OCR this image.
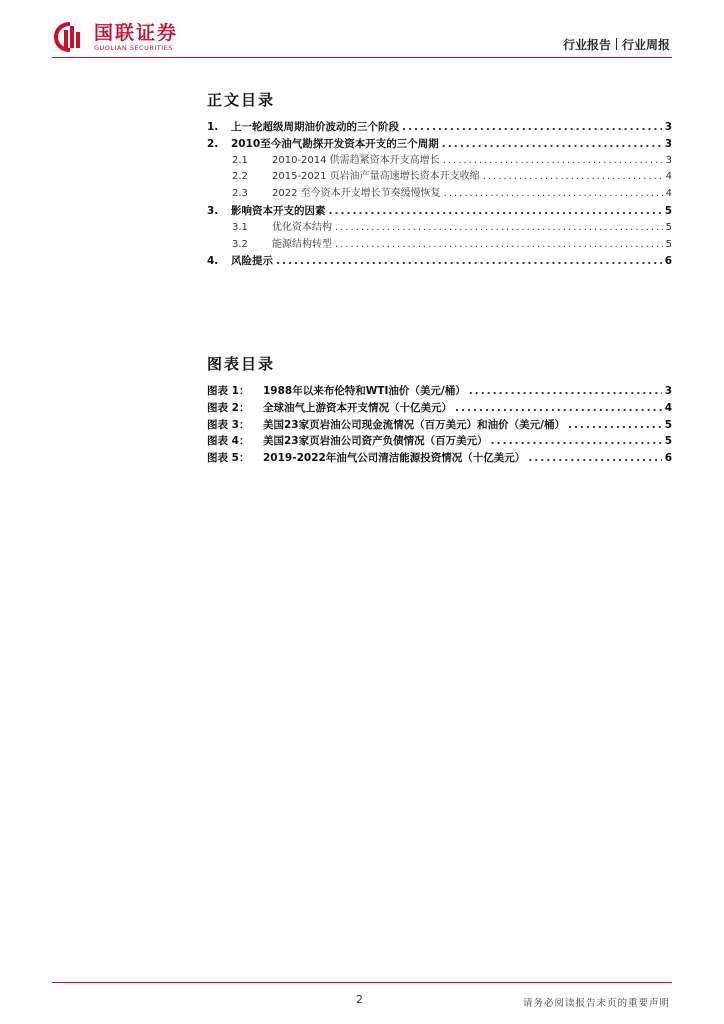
国联证券
GUOLIAN SECURITIES	行业报告 行业周报
正文目录
1.	上一轮超级周期油价波动的三个阶段 .....	3
2.	2010至今油气勘探开发资本开支的三个周期 .....	3
2.1	2010-2014 供需趋紧资本开支高增长 .....	3
2.2	2015-2021 页岩油产量高速增长资本开支收缩 .....	4
2.3	2022 至今资本开支增长节奏缓慢恢复 .....	4
3.	影响资本开支的因素 .....	5
3.1	优化资本结构 .....	5
3.2	能源结构转型 .....	5
4.	风险提示 .....	6
图表目录
图表 1：	1988年以来布伦特和WTI油价（美元/桶） .....	3
图表 2：	全球油气上游资本开支情况（十亿美元） .....	4
图表 3：	美国23家页岩油公司现金流情况（百万美元）和油价（美元/桶） .....	5
图表 4：	美国23家页岩油公司资产负债情况（百万美元） .....	5
图表 5：	2019-2022年油气公司清洁能源投资情况（十亿美元） .....	6
2	请务必阅读报告末页的重要声明
